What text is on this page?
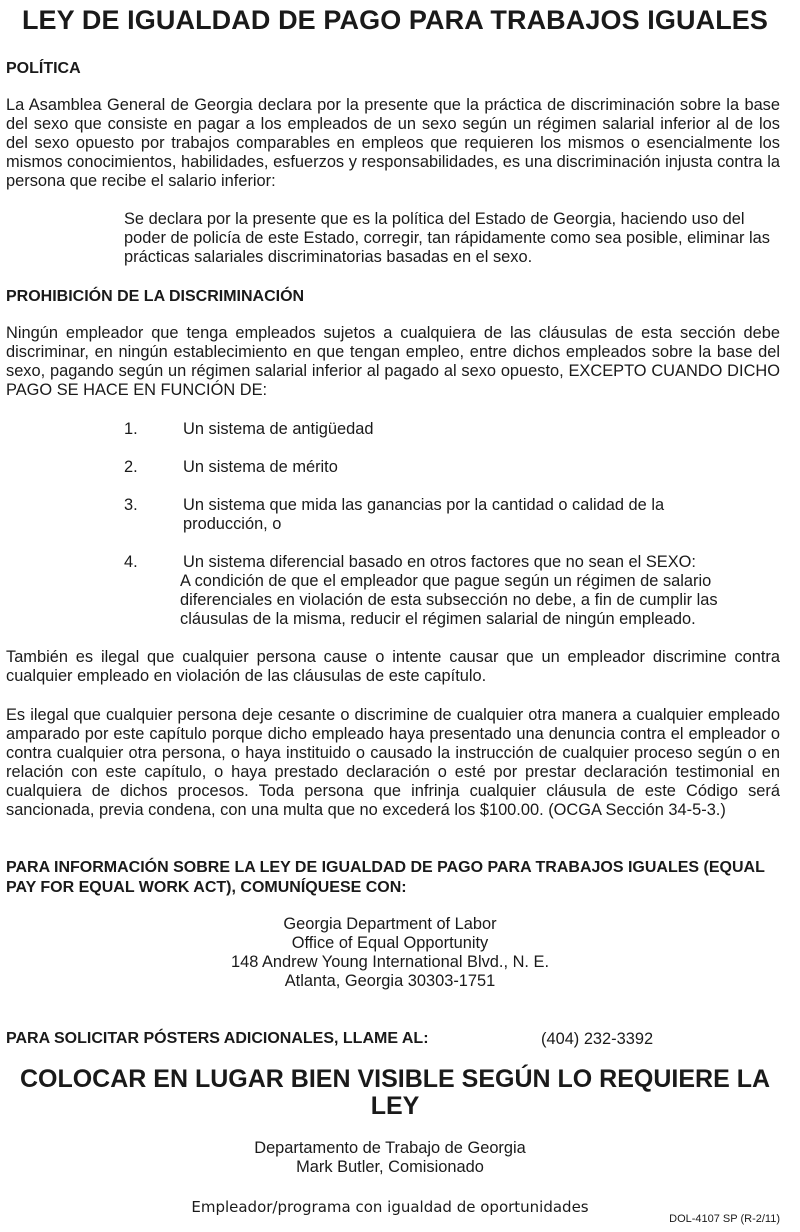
LEY DE IGUALDAD DE PAGO PARA TRABAJOS IGUALES
POLÍTICA

La Asamblea General de Georgia declara por la presente que la práctica de discriminación sobre la base del sexo que consiste en pagar a los empleados de un sexo según un régimen salarial inferior al de los del sexo opuesto por trabajos comparables en empleos que requieren los mismos o esencialmente los mismos conocimientos, habilidades, esfuerzos y responsabilidades, es una discriminación injusta contra la persona que recibe el salario inferior:

Se declara por la presente que es la política del Estado de Georgia, haciendo uso del poder de policía de este Estado, corregir, tan rápidamente como sea posible, eliminar las prácticas salariales discriminatorias basadas en el sexo.

PROHIBICIÓN DE LA DISCRIMINACIÓN

Ningún empleador que tenga empleados sujetos a cualquiera de las cláusulas de esta sección debe discriminar, en ningún establecimiento en que tengan empleo, entre dichos empleados sobre la base del sexo, pagando según un régimen salarial inferior al pagado al sexo opuesto, EXCEPTO CUANDO DICHO PAGO SE HACE EN FUNCIÓN DE:

1.	Un sistema de antigüedad
2.	Un sistema de mérito
3.	Un sistema que mida las ganancias por la cantidad o calidad de la producción, o
4.	Un sistema diferencial basado en otros factores que no sean el SEXO:
A condición de que el empleador que pague según un régimen de salario diferenciales en violación de esta subsección no debe, a fin de cumplir las cláusulas de la misma, reducir el régimen salarial de ningún empleado.

También es ilegal que cualquier persona cause o intente causar que un empleador discrimine contra cualquier empleado en violación de las cláusulas de este capítulo.

Es ilegal que cualquier persona deje cesante o discrimine de cualquier otra manera a cualquier empleado amparado por este capítulo porque dicho empleado haya presentado una denuncia contra el empleador o contra cualquier otra persona, o haya instituido o causado la instrucción de cualquier proceso según o en relación con este capítulo, o haya prestado declaración o esté por prestar declaración testimonial en cualquiera de dichos procesos. Toda persona que infrinja cualquier cláusula de este Código será sancionada, previa condena, con una multa que no excederá los $100.00. (OCGA Sección 34-5-3.)

PARA INFORMACIÓN SOBRE LA LEY DE IGUALDAD DE PAGO PARA TRABAJOS IGUALES (EQUAL PAY FOR EQUAL WORK ACT), COMUNÍQUESE CON:
Georgia Department of Labor
Office of Equal Opportunity
148 Andrew Young International Blvd., N. E.
Atlanta, Georgia 30303-1751
PARA SOLICITAR PÓSTERS ADICIONALES, LLAME AL:	(404) 232-3392
COLOCAR EN LUGAR BIEN VISIBLE SEGÚN LO REQUIERE LA LEY
Departamento de Trabajo de Georgia
Mark Butler, Comisionado
Empleador/programa con igualdad de oportunidades
DOL-4107 SP (R-2/11)
